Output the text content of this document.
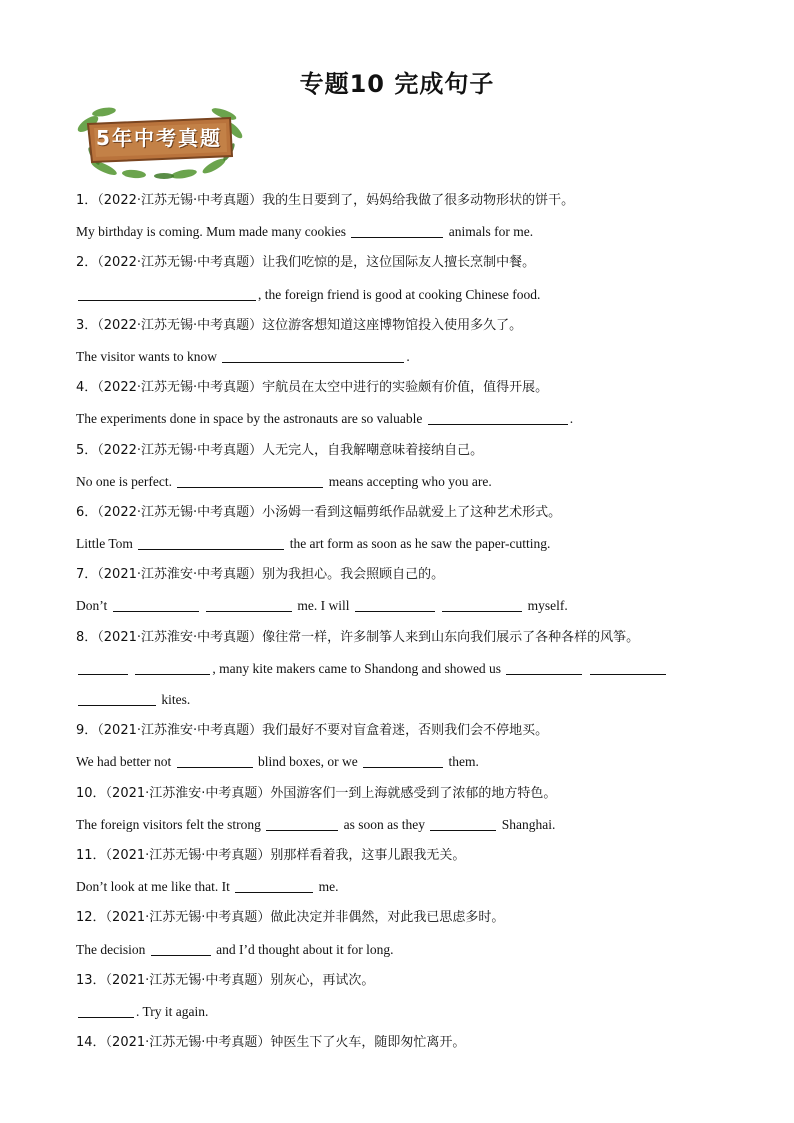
专题10 完成句子
5年中考真题
1．（2022·江苏无锡·中考真题）我的生日要到了，妈妈给我做了很多动物形状的饼干。
My birthday is coming. Mum made many cookies	animals for me.
2．（2022·江苏无锡·中考真题）让我们吃惊的是，这位国际友人擅长烹制中餐。
, the foreign friend is good at cooking Chinese food.
3．（2022·江苏无锡·中考真题）这位游客想知道这座博物馆投入使用多久了。
The visitor wants to know	.
4．（2022·江苏无锡·中考真题）宇航员在太空中进行的实验颇有价值，值得开展。
The experiments done in space by the astronauts are so valuable	.
5．（2022·江苏无锡·中考真题）人无完人，自我解嘲意味着接纳自己。
No one is perfect.	means accepting who you are.
6．（2022·江苏无锡·中考真题）小汤姆一看到这幅剪纸作品就爱上了这种艺术形式。
Little Tom	the art form as soon as he saw the paper-cutting.
7．（2021·江苏淮安·中考真题）别为我担心。我会照顾自己的。
Don’t	me. I will	myself.
8．（2021·江苏淮安·中考真题）像往常一样，许多制筝人来到山东向我们展示了各种各样的风筝。
, many kite makers came to Shandong and showed us
kites.
9．（2021·江苏淮安·中考真题）我们最好不要对盲盒着迷，否则我们会不停地买。
We had better not	blind boxes, or we	them.
10．（2021·江苏淮安·中考真题）外国游客们一到上海就感受到了浓郁的地方特色。
The foreign visitors felt the strong	as soon as they	Shanghai.
11．（2021·江苏无锡·中考真题）别那样看着我，这事儿跟我无关。
Don’t look at me like that. It	me.
12．（2021·江苏无锡·中考真题）做此决定并非偶然，对此我已思虑多时。
The decision	and I’d thought about it for long.
13．（2021·江苏无锡·中考真题）别灰心，再试次。
. Try it again.
14．（2021·江苏无锡·中考真题）钟医生下了火车，随即匆忙离开。
